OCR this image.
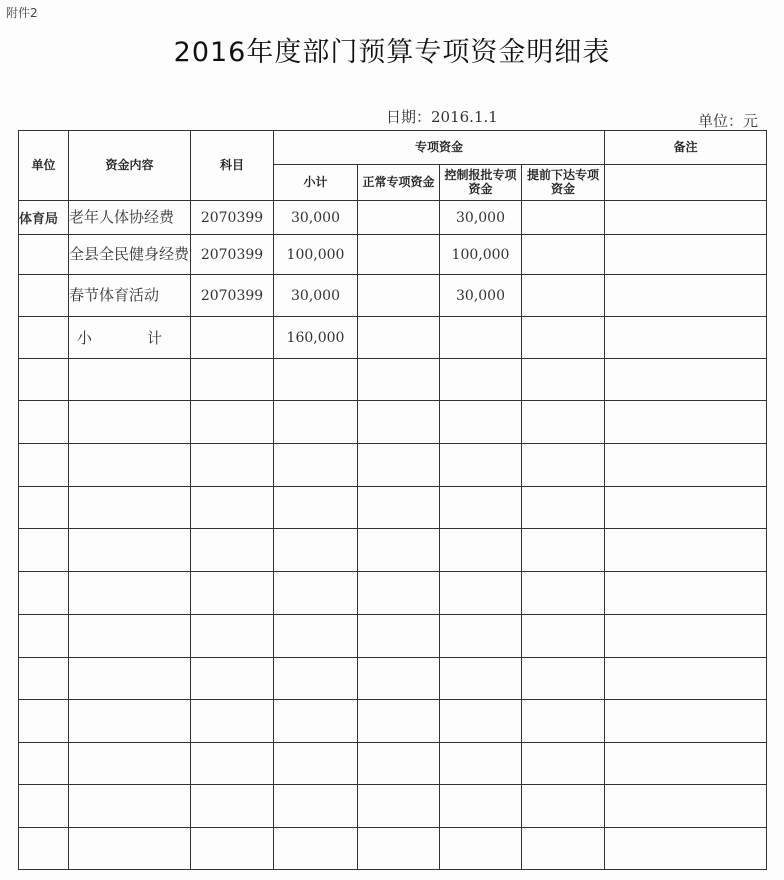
附件2
2016年度部门预算专项资金明细表
日期：2016.1.1	单位：元
单位	资金内容	科目	专项资金				备注
			小计	正常专项资金	控制报批专项资金	提前下达专项资金	
体育局	老年人体协经费	2070399	30,000		30,000		
	全县全民健身经费	2070399	100,000		100,000		
	春节体育活动	2070399	30,000		30,000		
	小　计		160,000				
